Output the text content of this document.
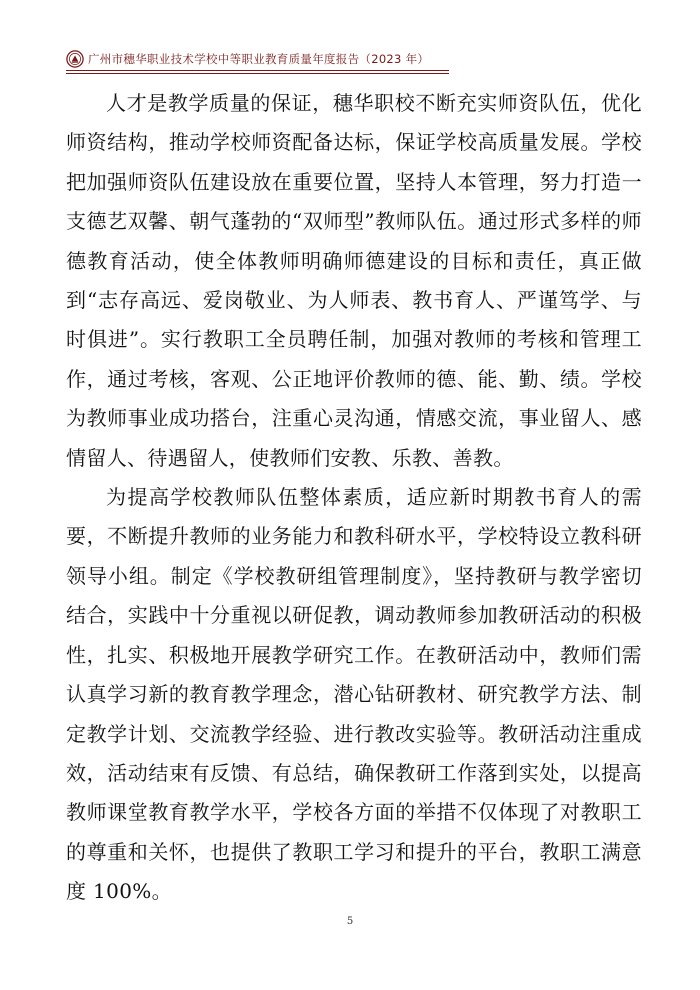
广州市穗华职业技术学校中等职业教育质量年度报告（2023 年）

人才是教学质量的保证，穗华职校不断充实师资队伍，优化师资结构，推动学校师资配备达标，保证学校高质量发展。学校把加强师资队伍建设放在重要位置，坚持人本管理，努力打造一支德艺双馨、朝气蓬勃的“双师型”教师队伍。通过形式多样的师德教育活动，使全体教师明确师德建设的目标和责任，真正做到“志存高远、爱岗敬业、为人师表、教书育人、严谨笃学、与时俱进”。实行教职工全员聘任制，加强对教师的考核和管理工作，通过考核，客观、公正地评价教师的德、能、勤、绩。学校为教师事业成功搭台，注重心灵沟通，情感交流，事业留人、感情留人、待遇留人，使教师们安教、乐教、善教。

为提高学校教师队伍整体素质，适应新时期教书育人的需要，不断提升教师的业务能力和教科研水平，学校特设立教科研领导小组。制定《学校教研组管理制度》，坚持教研与教学密切结合，实践中十分重视以研促教，调动教师参加教研活动的积极性，扎实、积极地开展教学研究工作。在教研活动中，教师们需认真学习新的教育教学理念，潜心钻研教材、研究教学方法、制定教学计划、交流教学经验、进行教改实验等。教研活动注重成效，活动结束有反馈、有总结，确保教研工作落到实处，以提高教师课堂教育教学水平，学校各方面的举措不仅体现了对教职工的尊重和关怀，也提供了教职工学习和提升的平台，教职工满意度 100%。

5
